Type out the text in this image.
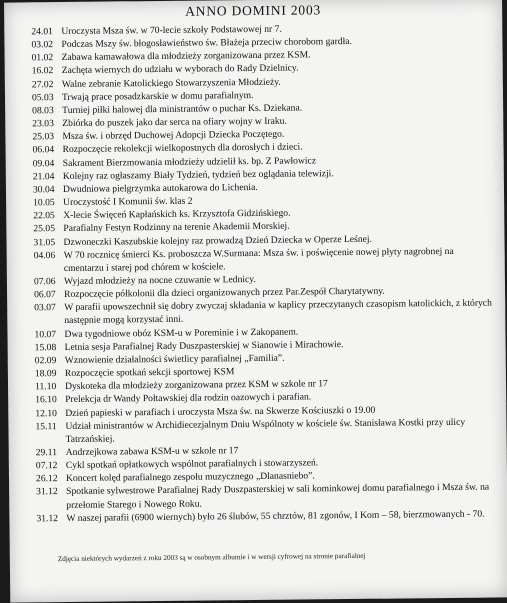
ANNO DOMINI 2003
24.01 Uroczysta Msza św. w 70-lecie szkoły Podstawowej nr 7.
03.02 Podczas Mszy św. błogosławieństwo św. Błażeja przeciw chorobom gardła.
01.02 Zabawa kamawałowa dla młodzieży zorganizowana przez KSM.
16.02 Zachęta wiernych do udziału w wyborach do Rady Dzielnicy.
27.02 Walne zebranie Katolickiego Stowarzyszenia Młodzieży.
05.03 Trwają prace posadzkarskie w domu parafialnym.
08.03 Turniej piłki halowej dla ministrantów o puchar Ks. Dziekana.
23.03 Zbiórka do puszek jako dar serca na ofiary wojny w Iraku.
25.03 Msza św. i obrzęd Duchowej Adopcji Dziecka Poczętego.
06.04 Rozpoczęcie rekolekcji wielkopostnych dla dorosłych i dzieci.
09.04 Sakrament Bierzmowania młodzieży udzielił ks. bp. Z Pawłowicz
21.04 Kolejny raz ogłaszamy Biały Tydzień, tydzień bez oglądania telewizji.
30.04 Dwudniowa pielgrzymka autokarowa do Lichenia.
10.05 Uroczystość I Komunii św. klas 2
22.05 X-lecie Święceń Kapłańskich ks. Krzysztofa Gidzińskiego.
25.05 Parafialny Festyn Rodzinny na terenie Akademii Morskiej.
31.05 Dzwoneczki Kaszubskie kolejny raz prowadzą Dzień Dziecka w Operze Leśnej.
04.06 W 70 rocznicę śmierci Ks. proboszcza W.Surmana: Msza św. i poświęcenie nowej płyty nagrobnej na cmentarzu i starej pod chórem w kościele.
07.06 Wyjazd młodzieży na nocne czuwanie w Lednicy.
06.07 Rozpoczęcie półkolonii dla dzieci organizowanych przez Par.Zespół Charytatywny.
03.07 W parafii upowszechnił się dobry zwyczaj składania w kaplicy przeczytanych czasopism katolickich, z których następnie mogą korzystać inni.
10.07 Dwa tygodniowe obóz KSM-u w Poreminie i w Zakopanem.
15.08 Letnia sesja Parafialnej Rady Duszpasterskiej w Sianowie i Mirachowie.
02.09 Wznowienie działalności świetlicy parafialnej „Familia”.
18.09 Rozpoczęcie spotkań sekcji sportowej KSM
11.10 Dyskoteka dla młodzieży zorganizowana przez KSM w szkole nr 17
16.10 Prelekcja dr Wandy Połtawskiej dla rodzin oazowych i parafian.
12.10 Dzień papieski w parafiach i uroczysta Msza św. na Skwerze Kościuszki o 19.00
15.11 Udział ministrantów w Archidiecezjalnym Dniu Wspólnoty w kościele św. Stanisława Kostki przy ulicy Tatrzańskiej.
29.11 Andrzejkowa zabawa KSM-u w szkole nr 17
07.12 Cykl spotkań opłatkowych wspólnot parafialnych i stowarzyszeń.
26.12 Koncert kolęd parafialnego zespołu muzycznego „Dlanasniebo”.
31.12 Spotkanie sylwestrowe Parafialnej Rady Duszpasterskiej w sali kominkowej domu parafialnego i Msza św. na przełomie Starego i Nowego Roku.
31.12 W naszej parafii (6900 wiernych) było 26 ślubów, 55 chrztów, 81 zgonów, I Kom – 58, bierzmowanych - 70.
Zdjęcia niektórych wydarzeń z roku 2003 są w osobnym albumie i w wersji cyfrowej na stronie parafialnej
